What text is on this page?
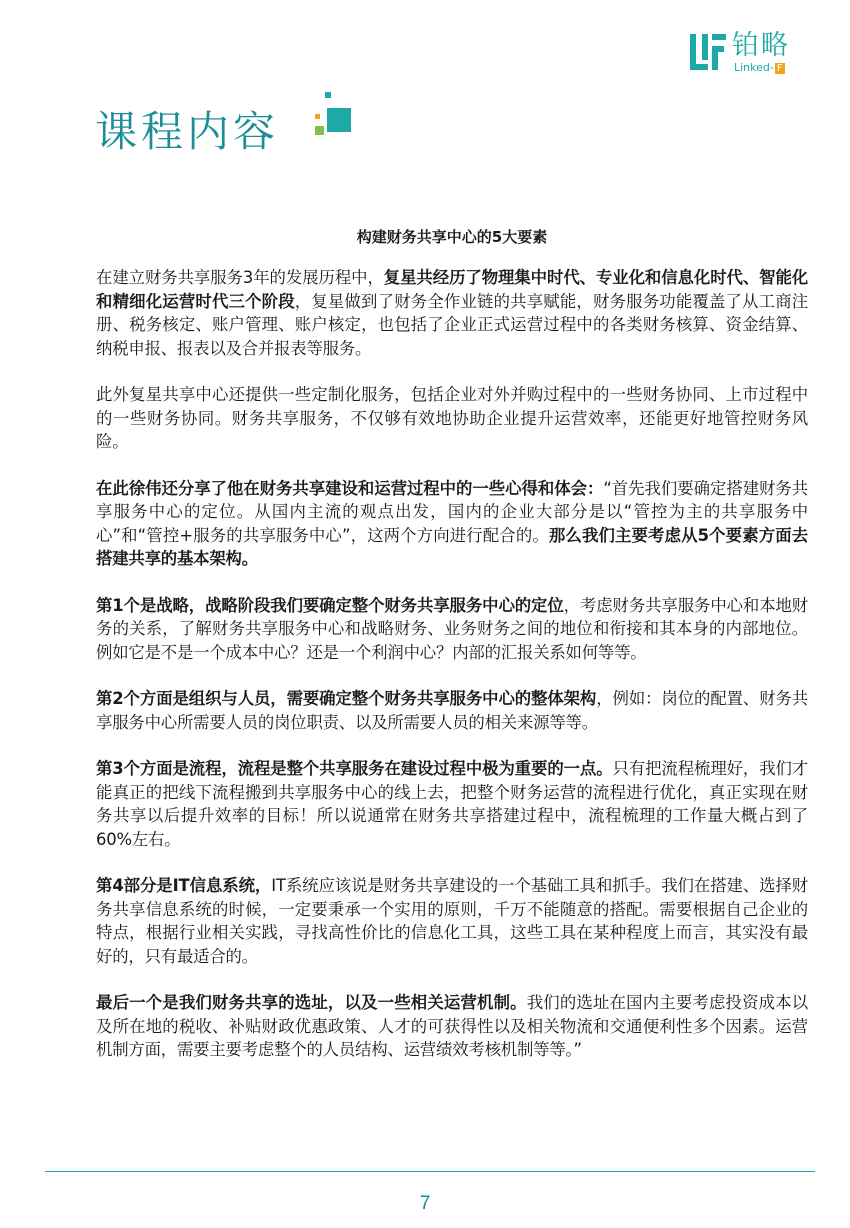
铂略
Linked- F
课程内容
构建财务共享中心的5大要素

在建立财务共享服务3年的发展历程中，复星共经历了物理集中时代、专业化和信息化时代、智能化和精细化运营时代三个阶段，复星做到了财务全作业链的共享赋能，财务服务功能覆盖了从工商注册、税务核定、账户管理、账户核定，也包括了企业正式运营过程中的各类财务核算、资金结算、纳税申报、报表以及合并报表等服务。

此外复星共享中心还提供一些定制化服务，包括企业对外并购过程中的一些财务协同、上市过程中的一些财务协同。财务共享服务，不仅够有效地协助企业提升运营效率，还能更好地管控财务风险。

在此徐伟还分享了他在财务共享建设和运营过程中的一些心得和体会：“首先我们要确定搭建财务共享服务中心的定位。从国内主流的观点出发，国内的企业大部分是以“管控为主的共享服务中心”和“管控+服务的共享服务中心”，这两个方向进行配合的。那么我们主要考虑从5个要素方面去搭建共享的基本架构。

第1个是战略，战略阶段我们要确定整个财务共享服务中心的定位，考虑财务共享服务中心和本地财务的关系，了解财务共享服务中心和战略财务、业务财务之间的地位和衔接和其本身的内部地位。例如它是不是一个成本中心？还是一个利润中心？内部的汇报关系如何等等。

第2个方面是组织与人员，需要确定整个财务共享服务中心的整体架构，例如：岗位的配置、财务共享服务中心所需要人员的岗位职责、以及所需要人员的相关来源等等。

第3个方面是流程，流程是整个共享服务在建设过程中极为重要的一点。只有把流程梳理好，我们才能真正的把线下流程搬到共享服务中心的线上去，把整个财务运营的流程进行优化，真正实现在财务共享以后提升效率的目标！所以说通常在财务共享搭建过程中，流程梳理的工作量大概占到了60%左右。

第4部分是IT信息系统，IT系统应该说是财务共享建设的一个基础工具和抓手。我们在搭建、选择财务共享信息系统的时候，一定要秉承一个实用的原则，千万不能随意的搭配。需要根据自己企业的特点，根据行业相关实践，寻找高性价比的信息化工具，这些工具在某种程度上而言，其实没有最好的，只有最适合的。

最后一个是我们财务共享的选址，以及一些相关运营机制。我们的选址在国内主要考虑投资成本以及所在地的税收、补贴财政优惠政策、人才的可获得性以及相关物流和交通便利性多个因素。运营机制方面，需要主要考虑整个的人员结构、运营绩效考核机制等等。”

7
